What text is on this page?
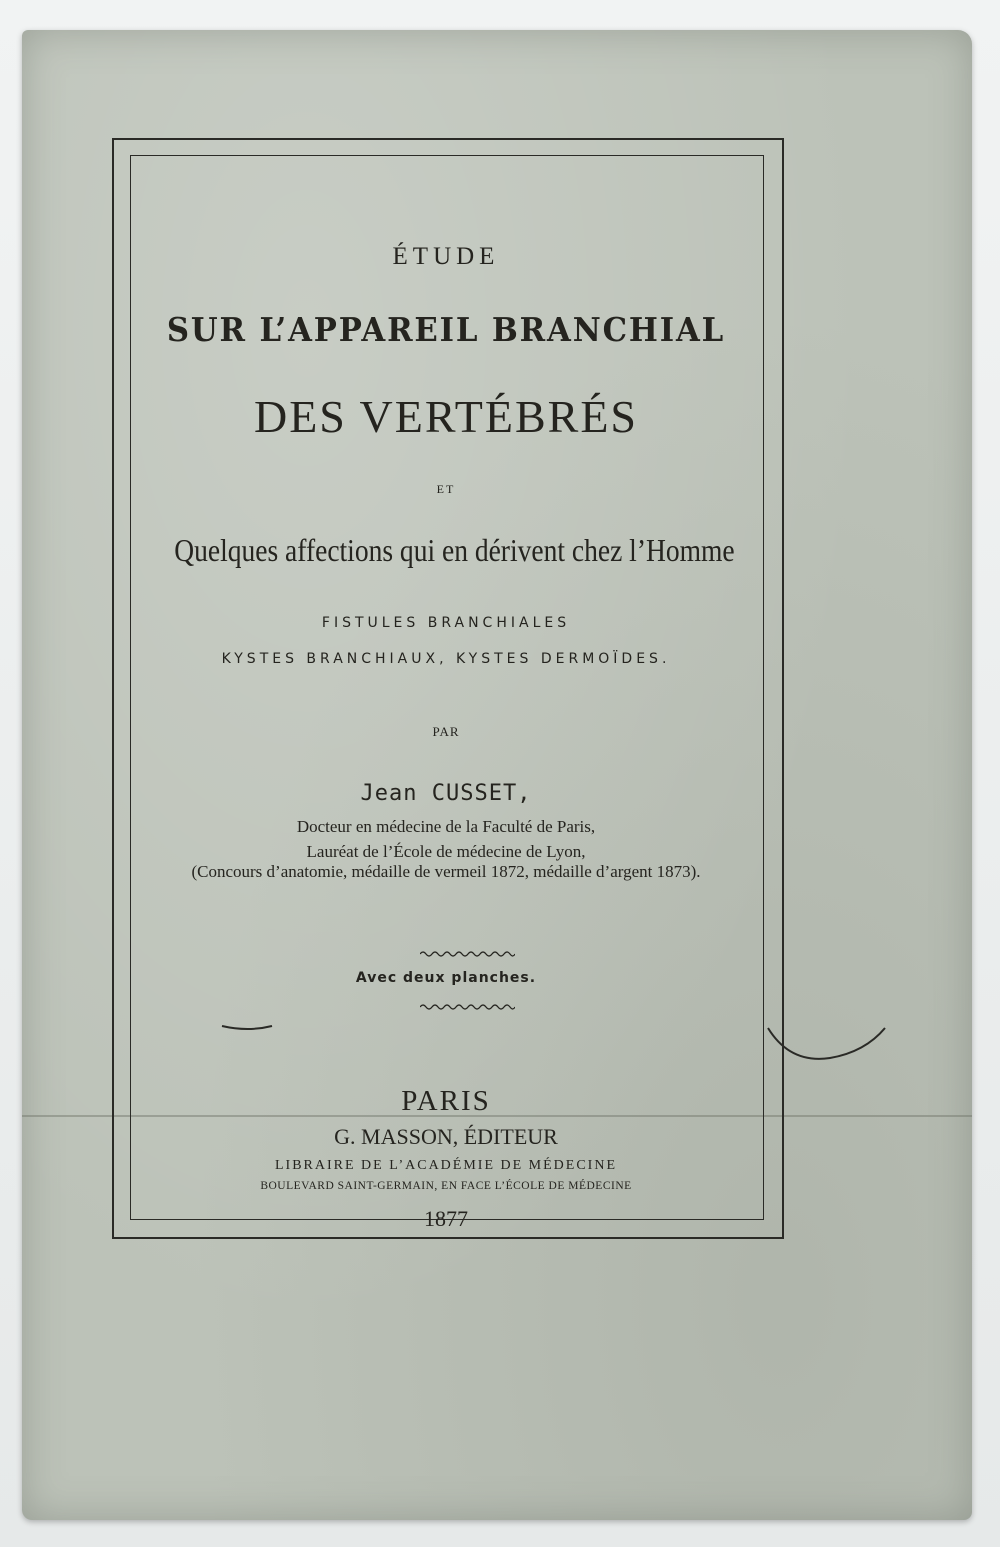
ÉTUDE
SUR L’APPAREIL BRANCHIAL
DES VERTÉBRÉS
ET
Quelques affections qui en dérivent chez l’Homme
FISTULES BRANCHIALES
KYSTES BRANCHIAUX, KYSTES DERMOÏDES.
PAR
Jean CUSSET,
Docteur en médecine de la Faculté de Paris,
Lauréat de l’École de médecine de Lyon,
(Concours d’anatomie, médaille de vermeil 1872, médaille d’argent 1873).
Avec deux planches.
PARIS
G. MASSON, ÉDITEUR
LIBRAIRE DE L’ACADÉMIE DE MÉDECINE
BOULEVARD SAINT-GERMAIN, EN FACE L’ÉCOLE DE MÉDECINE
1877
